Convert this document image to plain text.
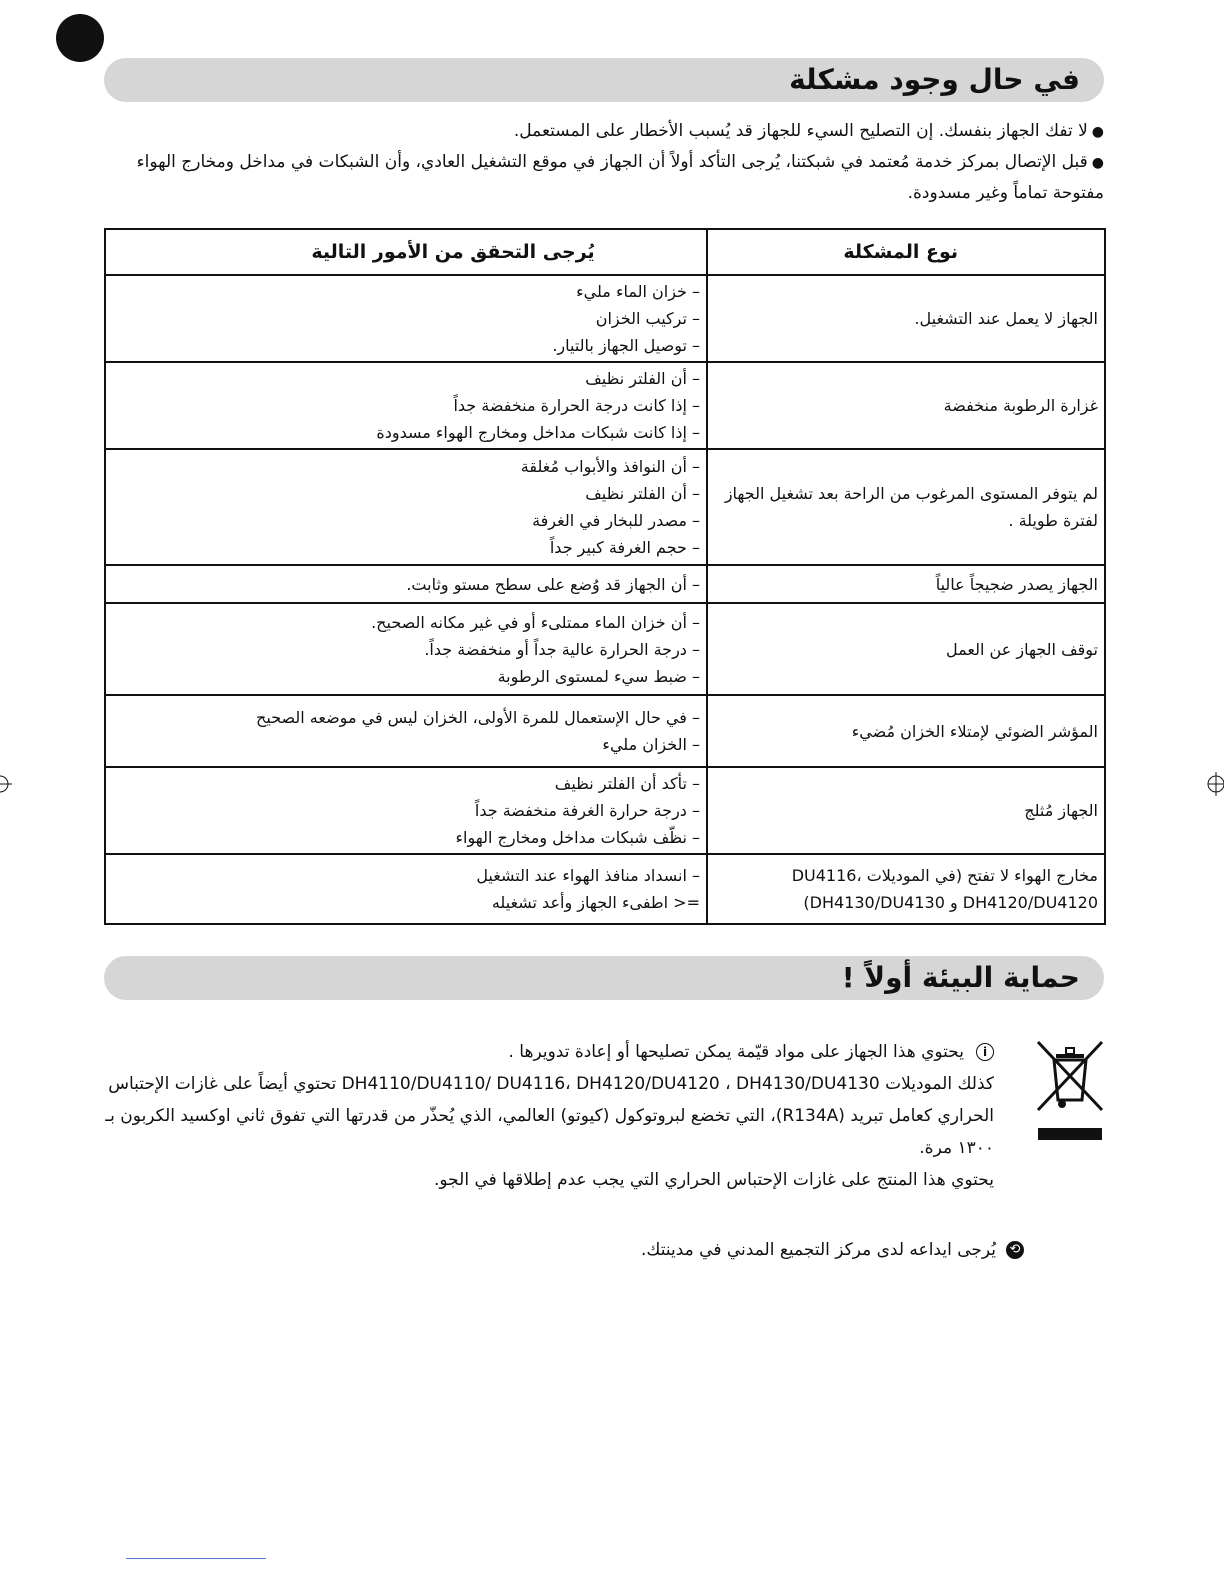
في حال وجود مشكلة

●لا تفك الجهاز بنفسك. إن التصليح السيء للجهاز قد يُسبب الأخطار على المستعمل.

●قبل الإتصال بمركز خدمة مُعتمد في شبكتنا، يُرجى التأكد أولاً أن الجهاز في موقع التشغيل العادي، وأن الشبكات في مداخل ومخارج الهواء مفتوحة تماماً وغير مسدودة.

نوع المشكلة	يُرجى التحقق من الأمور التالية
الجهاز لا يعمل عند التشغيل.	– خزان الماء مليء
– تركيب الخزان
– توصيل الجهاز بالتيار.

غزارة الرطوبة منخفضة	– أن الفلتر نظيف
– إذا كانت درجة الحرارة منخفضة جداً
– إذا كانت شبكات مداخل ومخارج الهواء مسدودة

لم يتوفر المستوى المرغوب من الراحة بعد تشغيل الجهاز لفترة طويلة .	– أن النوافذ والأبواب مُغلقة
– أن الفلتر نظيف
– مصدر للبخار في الغرفة
– حجم الغرفة كبير جداً

الجهاز يصدر ضجيجاً عالياً	– أن الجهاز قد وُضع على سطح مستو وثابت.

توقف الجهاز عن العمل	– أن خزان الماء ممتلىء أو في غير مكانه الصحيح.
– درجة الحرارة عالية جداً أو منخفضة جداً.
– ضبط سيء لمستوى الرطوبة

المؤشر الضوئي لإمتلاء الخزان مُضيء	– في حال الإستعمال للمرة الأولى، الخزان ليس في موضعه الصحيح
– الخزان مليء

الجهاز مُثلج	– تأكد أن الفلتر نظيف
– درجة حرارة الغرفة منخفضة جداً
– نظّف شبكات مداخل ومخارج الهواء

مخارج الهواء لا تفتح (في الموديلات DU4116، DH4120/DU4120 و DH4130/DU4130)	– انسداد منافذ الهواء عند التشغيل
=< اطفىء الجهاز وأعد تشغيله
حماية البيئة أولاً !

iيحتوي هذا الجهاز على مواد قيّمة يمكن تصليحها أو إعادة تدويرها .

كذلك الموديلات DH4110/DU4110/ DU4116، DH4120/DU4120 ، DH4130/DU4130 تحتوي أيضاً على غازات الإحتباس الحراري كعامل تبريد (R134A)، التي تخضع لبروتوكول (كيوتو) العالمي، الذي يُحذّر من قدرتها التي تفوق ثاني اوكسيد الكربون بـ ١٣٠٠ مرة.

يحتوي هذا المنتج على غازات الإحتباس الحراري التي يجب عدم إطلاقها في الجو.

⟲يُرجى ايداعه لدى مركز التجميع المدني في مدينتك.
